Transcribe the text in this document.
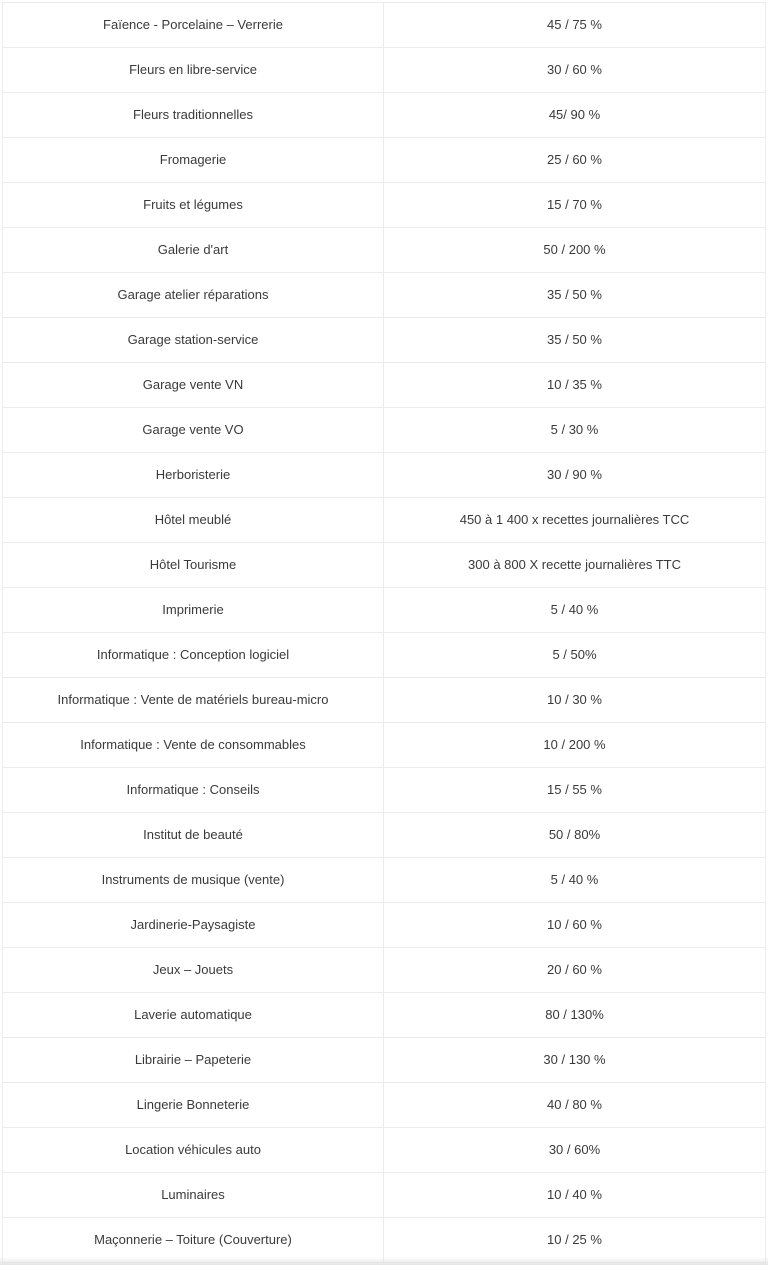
Faïence - Porcelaine – Verrerie	45 / 75 %
Fleurs en libre-service	30 / 60 %
Fleurs traditionnelles	45/ 90 %
Fromagerie	25 / 60 %
Fruits et légumes	15 / 70 %
Galerie d'art	50 / 200 %
Garage atelier réparations	35 / 50 %
Garage station-service	35 / 50 %
Garage vente VN	10 / 35 %
Garage vente VO	5 / 30 %
Herboristerie	30 / 90 %
Hôtel meublé	450 à 1 400 x recettes journalières TCC
Hôtel Tourisme	300 à 800 X recette journalières TTC
Imprimerie	5 / 40 %
Informatique : Conception logiciel	5 / 50%
Informatique : Vente de matériels bureau-micro	10 / 30 %
Informatique : Vente de consommables	10 / 200 %
Informatique : Conseils	15 / 55 %
Institut de beauté	50 / 80%
Instruments de musique (vente)	5 / 40 %
Jardinerie-Paysagiste	10 / 60 %
Jeux – Jouets	20 / 60 %
Laverie automatique	80 / 130%
Librairie – Papeterie	30 / 130 %
Lingerie Bonneterie	40 / 80 %
Location véhicules auto	30 / 60%
Luminaires	10 / 40 %
Maçonnerie – Toiture (Couverture)	10 / 25 %
